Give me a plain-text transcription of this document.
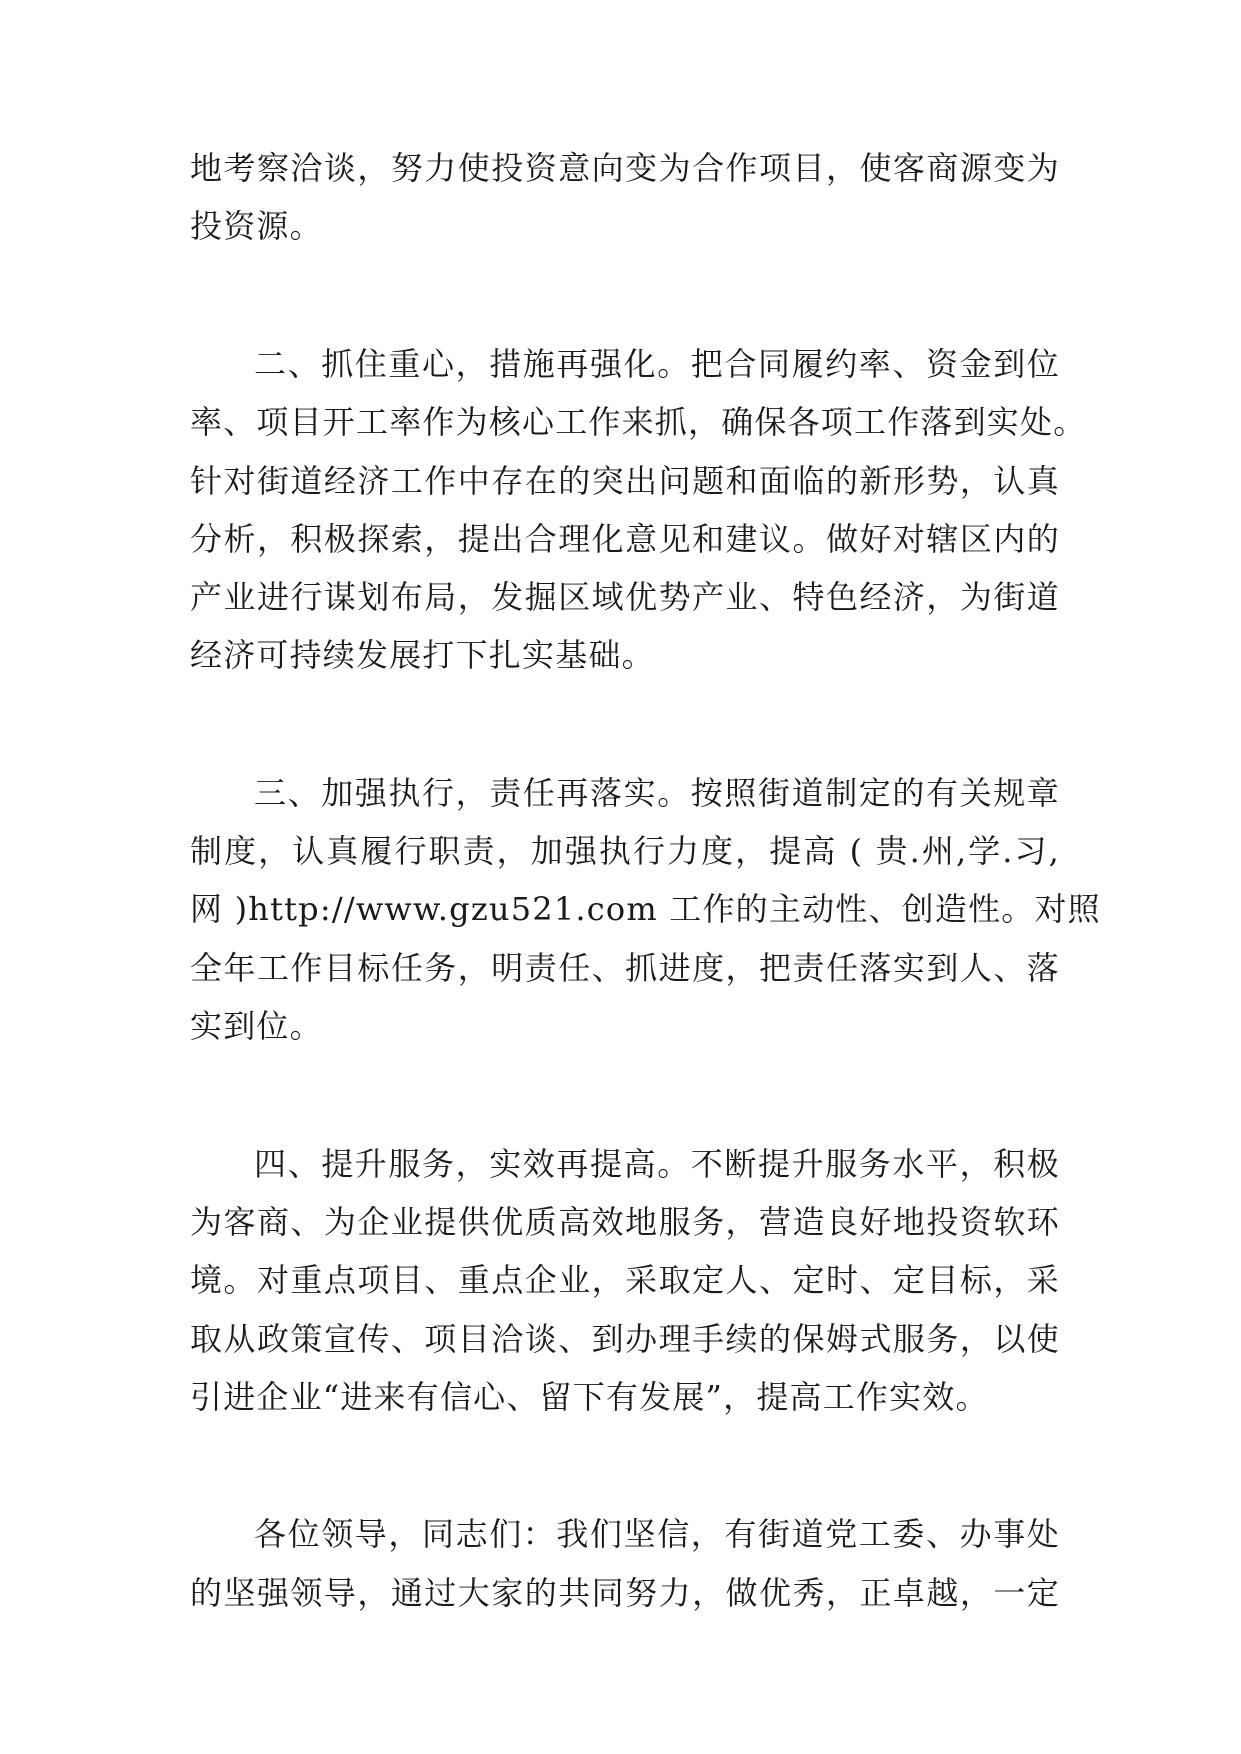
地考察洽谈，努力使投资意向变为合作项目，使客商源变为
投资源。
二、抓住重心，措施再强化。把合同履约率、资金到位
率、项目开工率作为核心工作来抓，确保各项工作落到实处。
针对街道经济工作中存在的突出问题和面临的新形势，认真
分析，积极探索，提出合理化意见和建议。做好对辖区内的
产业进行谋划布局，发掘区域优势产业、特色经济，为街道
经济可持续发展打下扎实基础。
三、加强执行，责任再落实。按照街道制定的有关规章
制度，认真履行职责，加强执行力度，提高 ( 贵.州,学.习,
网 )http://www.gzu521.com 工作的主动性、创造性。对照
全年工作目标任务，明责任、抓进度，把责任落实到人、落
实到位。
四、提升服务，实效再提高。不断提升服务水平，积极
为客商、为企业提供优质高效地服务，营造良好地投资软环
境。对重点项目、重点企业，采取定人、定时、定目标，采
取从政策宣传、项目洽谈、到办理手续的保姆式服务，以使
引进企业“进来有信心、留下有发展”，提高工作实效。
各位领导，同志们：我们坚信，有街道党工委、办事处
的坚强领导，通过大家的共同努力，做优秀，正卓越，一定
